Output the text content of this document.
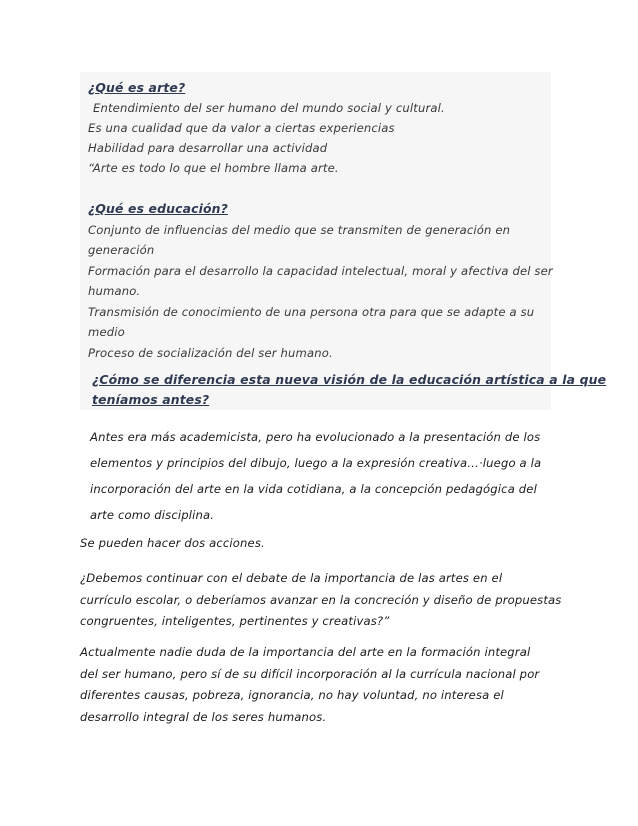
¿Qué es arte?
Entendimiento del ser humano del mundo social y cultural.
Es una cualidad que da valor a ciertas experiencias
Habilidad para desarrollar una actividad
“Arte es todo lo que el hombre llama arte.
¿Qué es educación?
Conjunto de influencias del medio que se transmiten de generación en
generación
Formación para el desarrollo la capacidad intelectual, moral y afectiva del ser
humano.
Transmisión de conocimiento de una persona otra para que se adapte a su
medio
Proceso de socialización del ser humano.
¿Cómo se diferencia esta nueva visión de la educación artística a la que
teníamos antes?
Antes era más academicista, pero ha evolucionado a la presentación de los
elementos y principios del dibujo, luego a la expresión creativa…·luego a la
incorporación del arte en la vida cotidiana, a la concepción pedagógica del
arte como disciplina.
Se pueden hacer dos acciones.
¿Debemos continuar con el debate de la importancia de las artes en el
currículo escolar, o deberíamos avanzar en la concreción y diseño de propuestas
congruentes, inteligentes, pertinentes y creativas?”
Actualmente nadie duda de la importancia del arte en la formación integral
del ser humano, pero sí de su difícil incorporación al la currícula nacional por
diferentes causas, pobreza, ignorancia, no hay voluntad, no interesa el
desarrollo integral de los seres humanos.
